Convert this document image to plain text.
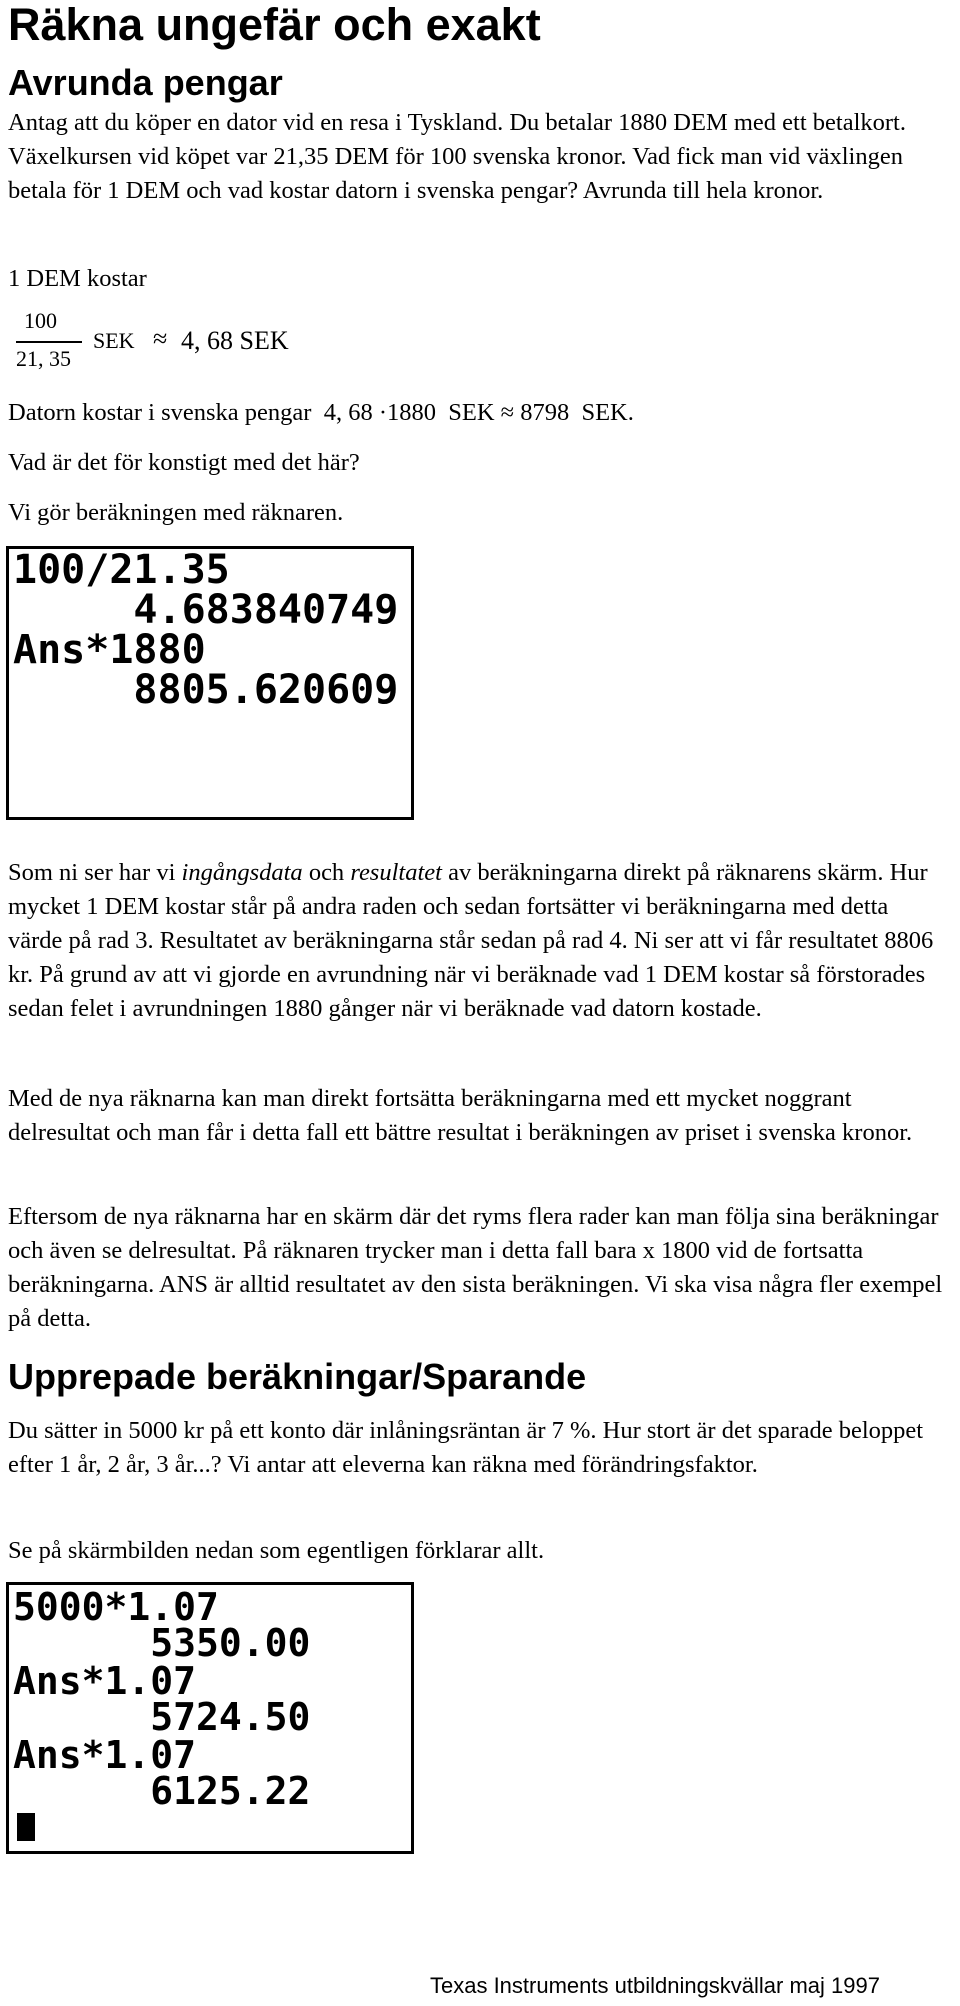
Räkna ungefär och exakt
Avrunda pengar

Antag att du köper en dator vid en resa i Tyskland. Du betalar 1880 DEM med ett betalkort. Växelkursen vid köpet var 21,35 DEM för 100 svenska kronor. Vad fick man vid växlingen betala för 1 DEM och vad kostar datorn i svenska pengar? Avrunda till hela kronor.

1 DEM kostar

100
21, 35
SEK ≈ 4, 68 SEK

Datorn kostar i svenska pengar  4, 68 ·1880  SEK ≈ 8798  SEK.

Vad är det för konstigt med det här?

Vi gör beräkningen med räknaren.

100/21.35
4.683840749
Ans*1880
8805.620609

Som ni ser har vi ingångsdata och resultatet av beräkningarna direkt på räknarens skärm. Hur mycket 1 DEM kostar står på andra raden och sedan fortsätter vi beräkningarna med detta värde på rad 3. Resultatet av beräkningarna står sedan på rad 4. Ni ser att vi får resultatet 8806 kr. På grund av att vi gjorde en avrundning när vi beräknade vad 1 DEM kostar så förstorades sedan felet i avrundningen 1880 gånger när vi beräknade vad datorn kostade.

Med de nya räknarna kan man direkt fortsätta beräkningarna med ett mycket noggrant delresultat och man får i detta fall ett bättre resultat i beräkningen av priset i svenska kronor.

Eftersom de nya räknarna har en skärm där det ryms flera rader kan man följa sina beräkningar och även se delresultat. På räknaren trycker man i detta fall bara x 1800 vid de fortsatta beräkningarna. ANS är alltid resultatet av den sista beräkningen. Vi ska visa några fler exempel på detta.

Upprepade beräkningar/Sparande

Du sätter in 5000 kr på ett konto där inlåningsräntan är 7 %. Hur stort är det sparade beloppet efter 1 år, 2 år, 3 år...? Vi antar att eleverna kan räkna med förändringsfaktor.

Se på skärmbilden nedan som egentligen förklarar allt.

5000*1.07
5350.00
Ans*1.07
5724.50
Ans*1.07
6125.22
Texas Instruments utbildningskvällar maj 1997
